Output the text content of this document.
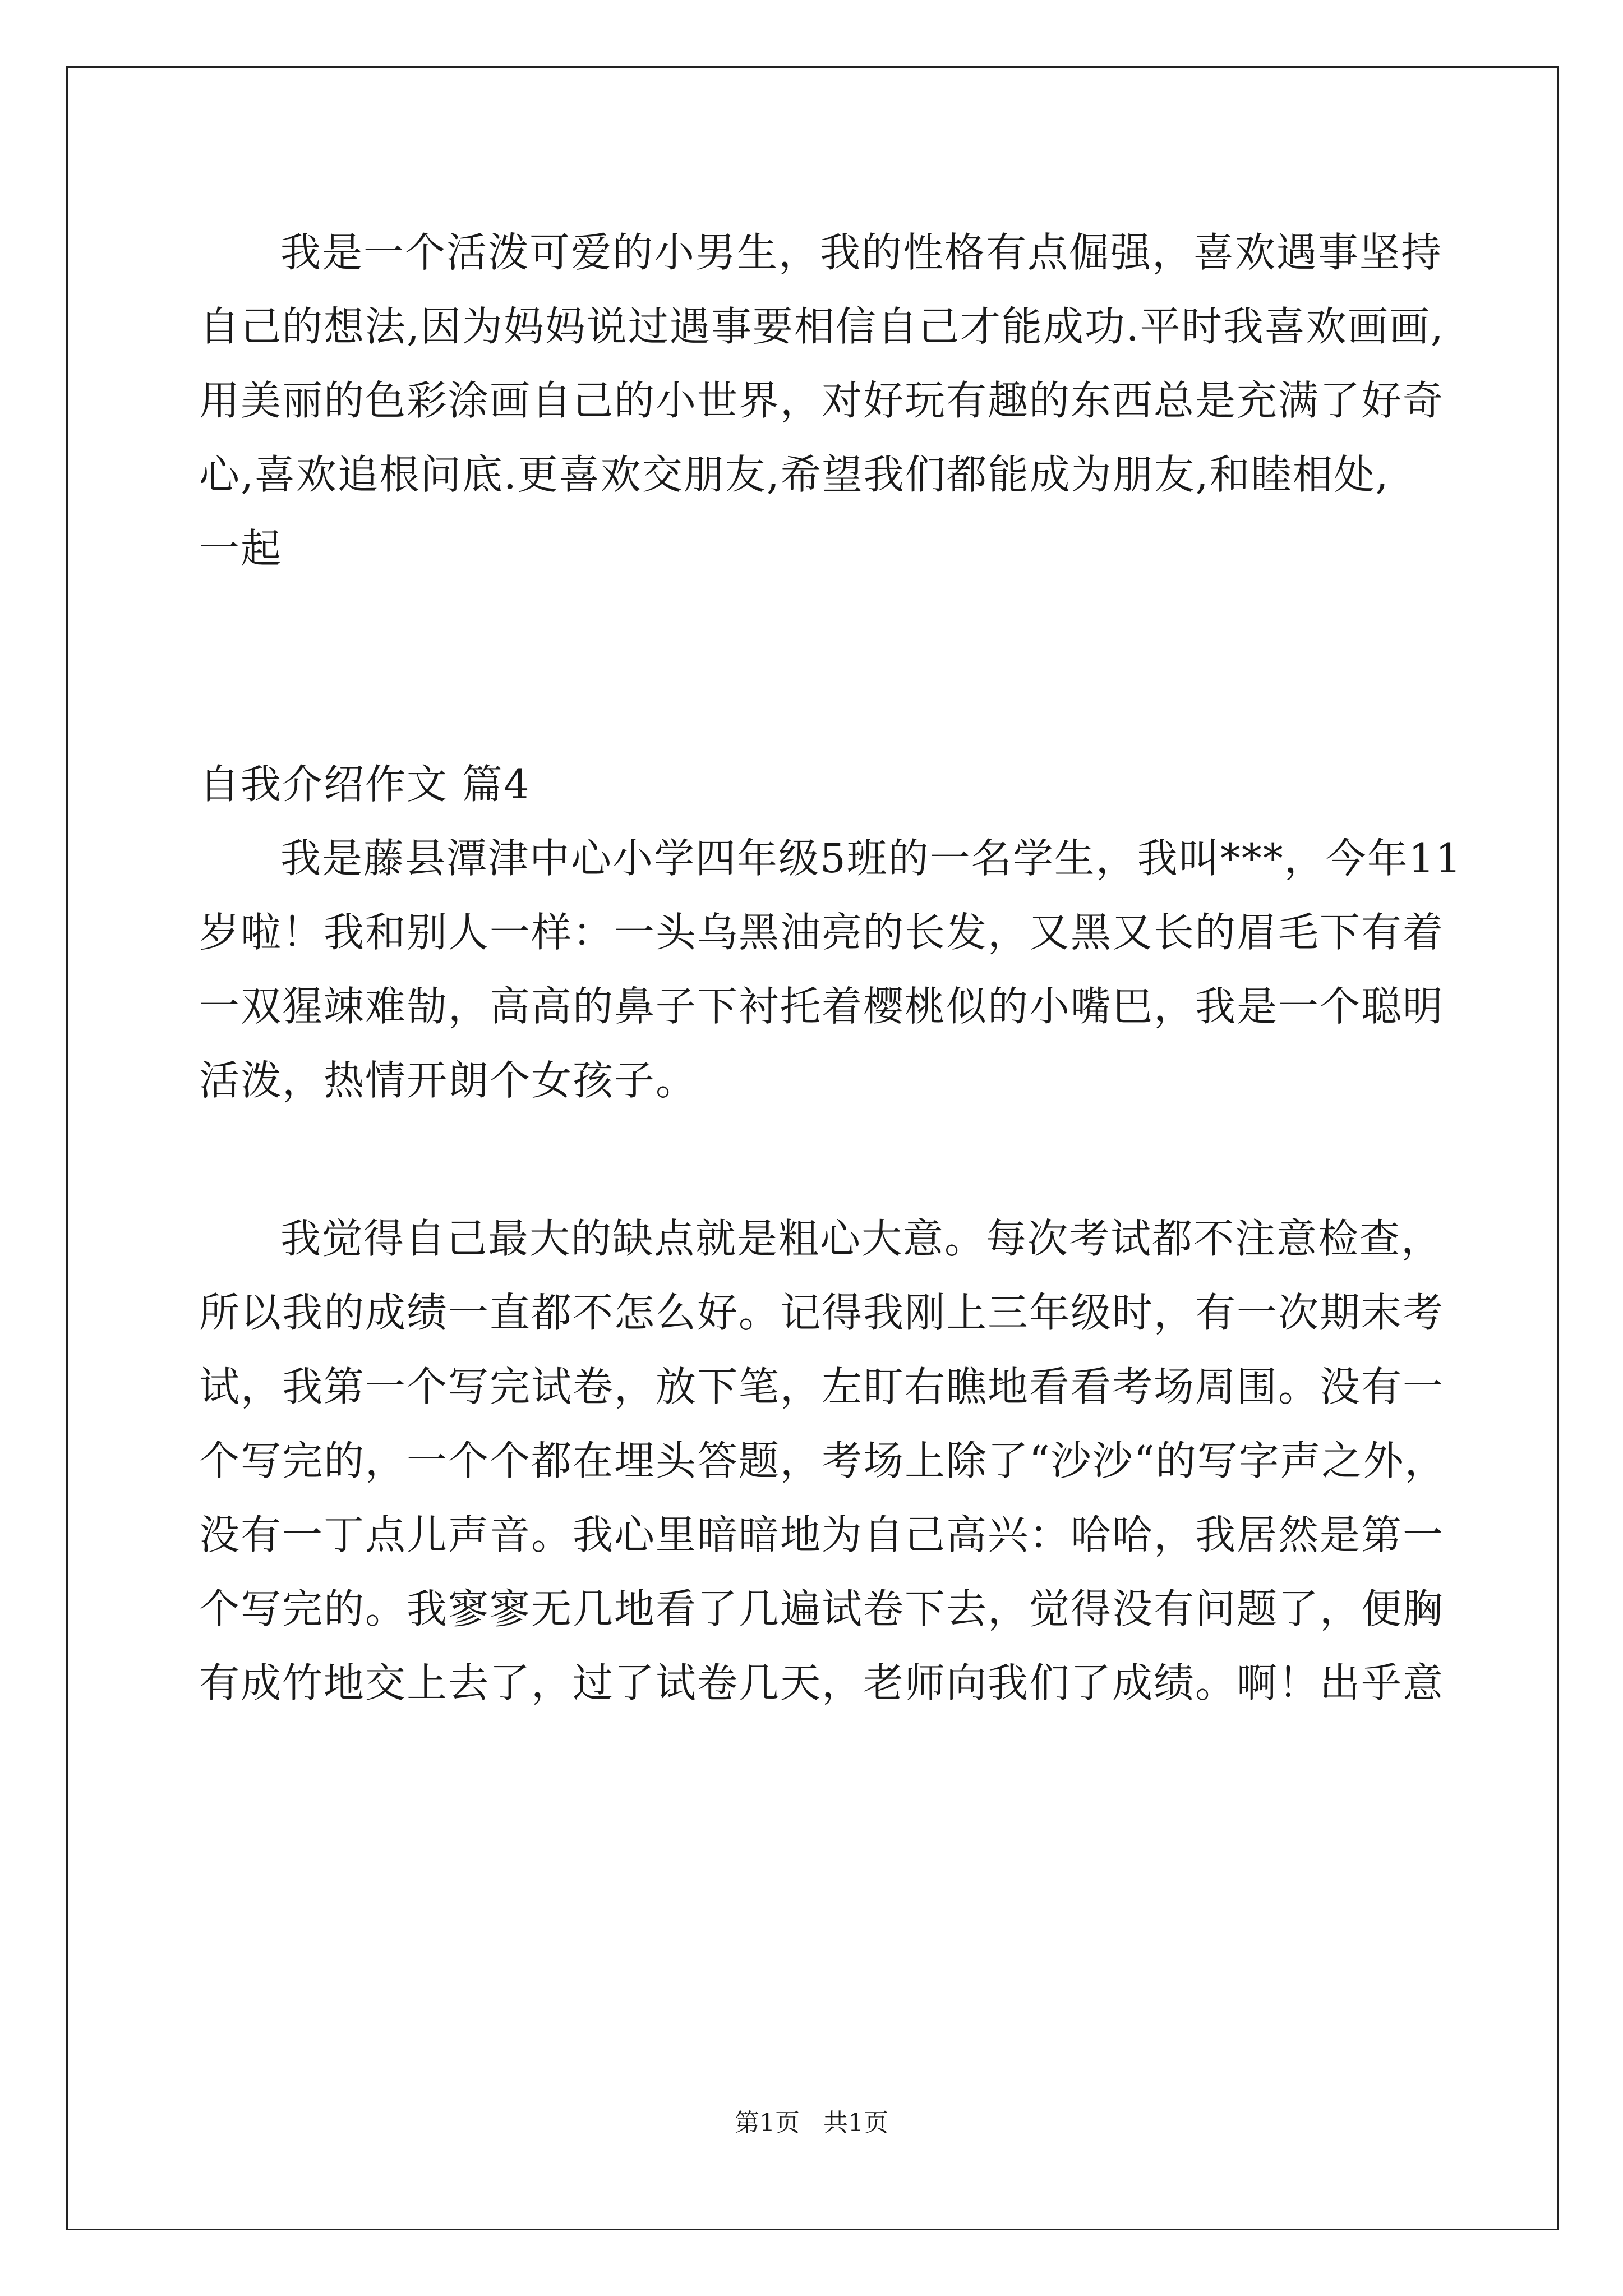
我是一个活泼可爱的小男生，我的性格有点倔强，喜欢遇事坚持
自己的想法,因为妈妈说过遇事要相信自己才能成功.平时我喜欢画画,
用美丽的色彩涂画自己的小世界，对好玩有趣的东西总是充满了好奇
心,喜欢追根问底.更喜欢交朋友,希望我们都能成为朋友,和睦相处,
一起
自我介绍作文 篇4
我是藤县潭津中心小学四年级5班的一名学生，我叫***，今年11
岁啦！我和别人一样：一头乌黑油亮的长发，又黑又长的眉毛下有着
一双猩竦难勂，高高的鼻子下衬托着樱桃似的小嘴巴，我是一个聪明
活泼，热情开朗个女孩子。
我觉得自己最大的缺点就是粗心大意。每次考试都不注意检查，
所以我的成绩一直都不怎么好。记得我刚上三年级时，有一次期末考
试，我第一个写完试卷，放下笔，左盯右瞧地看看考场周围。没有一
个写完的，一个个都在埋头答题，考场上除了“沙沙“的写字声之外，
没有一丁点儿声音。我心里暗暗地为自己高兴：哈哈，我居然是第一
个写完的。我寥寥无几地看了几遍试卷下去，觉得没有问题了，便胸
有成竹地交上去了，过了试卷几天，老师向我们了成绩。啊！出乎意
第1页   共1页
